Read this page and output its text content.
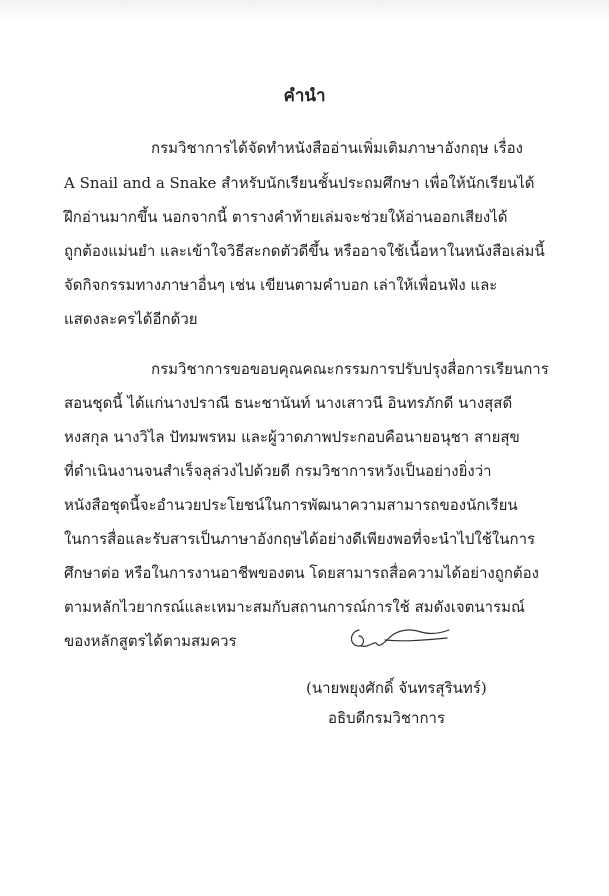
คำนำ
กรมวิชาการได้จัดทำหนังสืออ่านเพิ่มเติมภาษาอังกฤษ เรื่อง
A Snail and a Snake สำหรับนักเรียนชั้นประถมศึกษา เพื่อให้นักเรียนได้
ฝึกอ่านมากขึ้น นอกจากนี้ ตารางคำท้ายเล่มจะช่วยให้อ่านออกเสียงได้
ถูกต้องแม่นยำ และเข้าใจวิธีสะกดตัวดีขึ้น หรืออาจใช้เนื้อหาในหนังสือเล่มนี้
จัดกิจกรรมทางภาษาอื่นๆ เช่น เขียนตามคำบอก เล่าให้เพื่อนฟัง และ
แสดงละครได้อีกด้วย
กรมวิชาการขอขอบคุณคณะกรรมการปรับปรุงสื่อการเรียนการ
สอนชุดนี้ ได้แก่นางปราณี ธนะชานันท์ นางเสาวนี อินทรภักดี นางสุสดี
หงสกุล นางวิไล ปัทมพรหม และผู้วาดภาพประกอบคือนายอนุชา สายสุข
ที่ดำเนินงานจนสำเร็จลุล่วงไปด้วยดี กรมวิชาการหวังเป็นอย่างยิ่งว่า
หนังสือชุดนี้จะอำนวยประโยชน์ในการพัฒนาความสามารถของนักเรียน
ในการสื่อและรับสารเป็นภาษาอังกฤษได้อย่างดีเพียงพอที่จะนำไปใช้ในการ
ศึกษาต่อ หรือในการงานอาชีพของตน โดยสามารถสื่อความได้อย่างถูกต้อง
ตามหลักไวยากรณ์และเหมาะสมกับสถานการณ์การใช้ สมดังเจตนารมณ์
ของหลักสูตรได้ตามสมควร
(นายพยุงศักดิ์ จันทรสุรินทร์)
อธิบดีกรมวิชาการ
